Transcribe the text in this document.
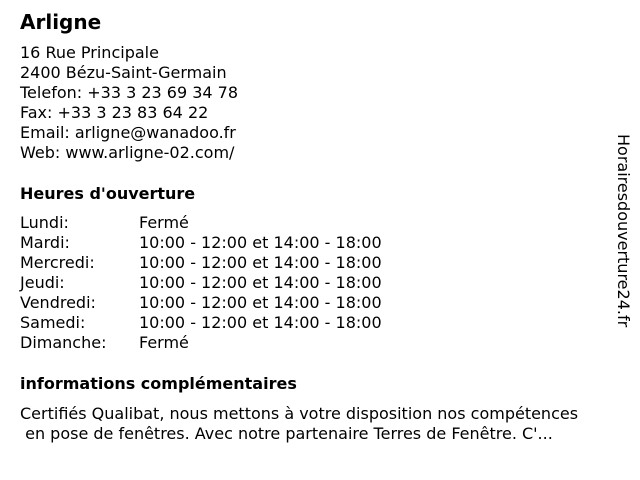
Arligne
16 Rue Principale
2400 Bézu-Saint-Germain
Telefon: +33 3 23 69 34 78
Fax: +33 3 23 83 64 22
Email: arligne@wanadoo.fr
Web: www.arligne-02.com/
Heures d'ouverture
Lundi:	Fermé
Mardi:	10:00 - 12:00 et 14:00 - 18:00
Mercredi:	10:00 - 12:00 et 14:00 - 18:00
Jeudi:	10:00 - 12:00 et 14:00 - 18:00
Vendredi:	10:00 - 12:00 et 14:00 - 18:00
Samedi:	10:00 - 12:00 et 14:00 - 18:00
Dimanche: Fermé
informations complémentaires
Certifiés Qualibat, nous mettons à votre disposition nos compétences
en pose de fenêtres. Avec notre partenaire Terres de Fenêtre. C'...
Horairesdouverture24.fr
